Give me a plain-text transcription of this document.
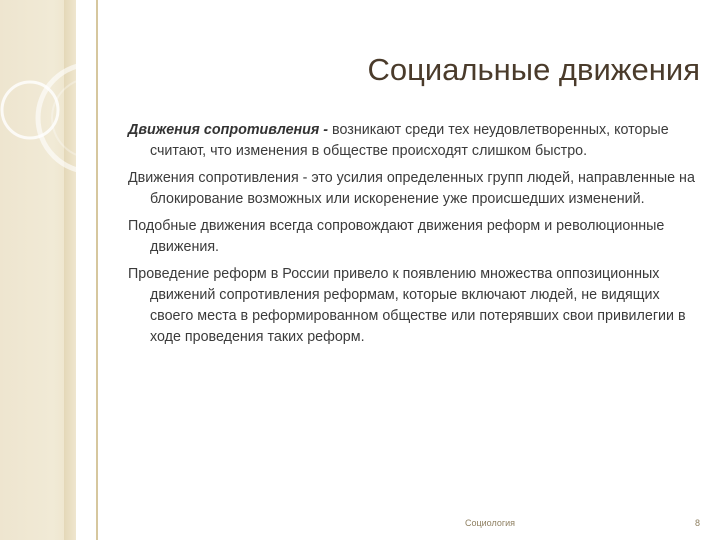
Социальные движения

Движения сопротивления - возникают среди тех неудовлетворенных, которые считают, что изменения в обществе происходят слишком быстро.

Движения сопротивления - это усилия определенных групп людей, направленные на блокирование возможных или искоренение уже происшедших изменений.

Подобные движения всегда сопровождают движения реформ и революционные движения.

Проведение реформ в России привело к появлению множества оппозиционных движений сопротивления реформам, которые включают людей, не видящих своего места в реформированном обществе или потерявших свои привилегии в ходе проведения таких реформ.

Социология	8
